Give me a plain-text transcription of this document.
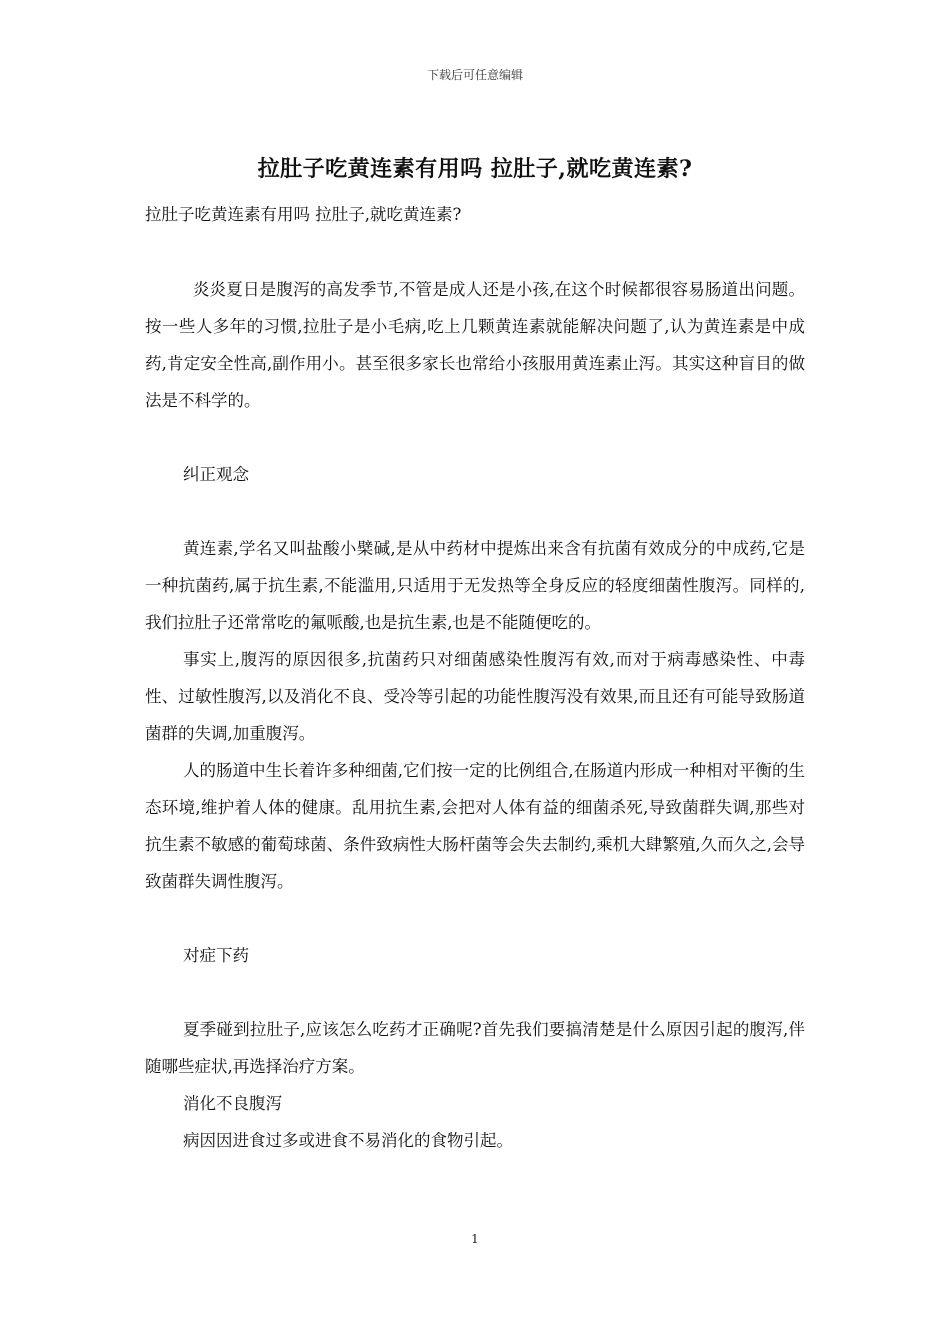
下载后可任意编辑
拉肚子吃黄连素有用吗 拉肚子,就吃黄连素?

拉肚子吃黄连素有用吗 拉肚子,就吃黄连素?

炎炎夏日是腹泻的高发季节,不管是成人还是小孩,在这个时候都很容易肠道出问题。按一些人多年的习惯,拉肚子是小毛病,吃上几颗黄连素就能解决问题了,认为黄连素是中成药,肯定安全性高,副作用小。甚至很多家长也常给小孩服用黄连素止泻。其实这种盲目的做法是不科学的。

纠正观念

黄连素,学名又叫盐酸小檗碱,是从中药材中提炼出来含有抗菌有效成分的中成药,它是一种抗菌药,属于抗生素,不能滥用,只适用于无发热等全身反应的轻度细菌性腹泻。同样的,我们拉肚子还常常吃的氟哌酸,也是抗生素,也是不能随便吃的。

事实上,腹泻的原因很多,抗菌药只对细菌感染性腹泻有效,而对于病毒感染性、中毒性、过敏性腹泻,以及消化不良、受冷等引起的功能性腹泻没有效果,而且还有可能导致肠道菌群的失调,加重腹泻。

人的肠道中生长着许多种细菌,它们按一定的比例组合,在肠道内形成一种相对平衡的生态环境,维护着人体的健康。乱用抗生素,会把对人体有益的细菌杀死,导致菌群失调,那些对抗生素不敏感的葡萄球菌、条件致病性大肠杆菌等会失去制约,乘机大肆繁殖,久而久之,会导致菌群失调性腹泻。

对症下药

夏季碰到拉肚子,应该怎么吃药才正确呢?首先我们要搞清楚是什么原因引起的腹泻,伴随哪些症状,再选择治疗方案。

消化不良腹泻

病因因进食过多或进食不易消化的食物引起。

1
